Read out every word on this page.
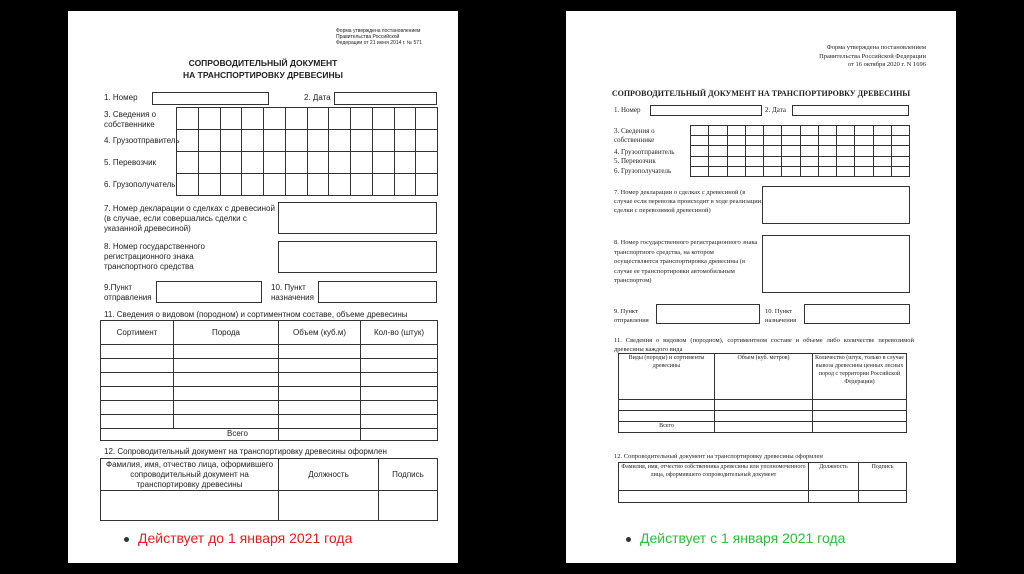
Форма утверждена постановлением Правительства Российской Федерации от 21 июня 2014 г. № 571
СОПРОВОДИТЕЛЬНЫЙ ДОКУМЕНТ
НА ТРАНСПОРТИРОВКУ ДРЕВЕСИНЫ
1. Номер	2. Дата
3. Сведения о собственнике
4. Грузоотправитель
5. Перевозчик
6. Грузополучатель

7. Номер декларации о сделках с древесиной (в случае, если совершались сделки с указанной древесиной)
8. Номер государственного регистрационного знака транспортного средства
9.Пункт отправления
10. Пункт назначения
11. Сведения о видовом (породном) и сортиментном составе, объеме древесины
Сортимент	Порода	Объем (куб.м)	Кол-во (штук)

Всего			
12. Сопроводительный документ на транспортировку древесины оформлен
Фамилия, имя, отчество лица, оформившего сопроводительный документ на транспортировку древесины	Должность	Подпись

Действует до 1 января 2021 года
Форма утверждена постановлением Правительства Российской Федерации от 16 октября 2020 г. N 1696
СОПРОВОДИТЕЛЬНЫЙ ДОКУМЕНТ НА ТРАНСПОРТИРОВКУ ДРЕВЕСИНЫ
1. Номер	2. Дата
3. Сведения о собственнике
4. Грузоотправитель
5. Перевозчик
6. Грузополучатель

7. Номер декларации о сделках с древесиной (в случае если перевозка происходит в ходе реализации сделки с перевозимой древесиной)
8. Номер государственного регистрационного знака транспортного средства, на котором осуществляется транспортировка древесины (в случае ее транспортировки автомобильным транспортом)
9. Пункт отправления
10. Пункт назначения
11. Сведения о видовом (породном), сортиментном составе и объеме либо количестве перевозимой древесины каждого вида
Виды (породы) и сортименты древесины	Объем (куб. метров)	Количество (штук, только в случае вывоза древесины ценных лесных пород с территории Российской Федерации)

Всего		
12. Сопроводительный документ на транспортировку древесины оформлен
Фамилия, имя, отчество собственника древесины или уполномоченного лица, оформившего сопроводительный документ	Должность	Подпись

Действует с 1 января 2021 года
